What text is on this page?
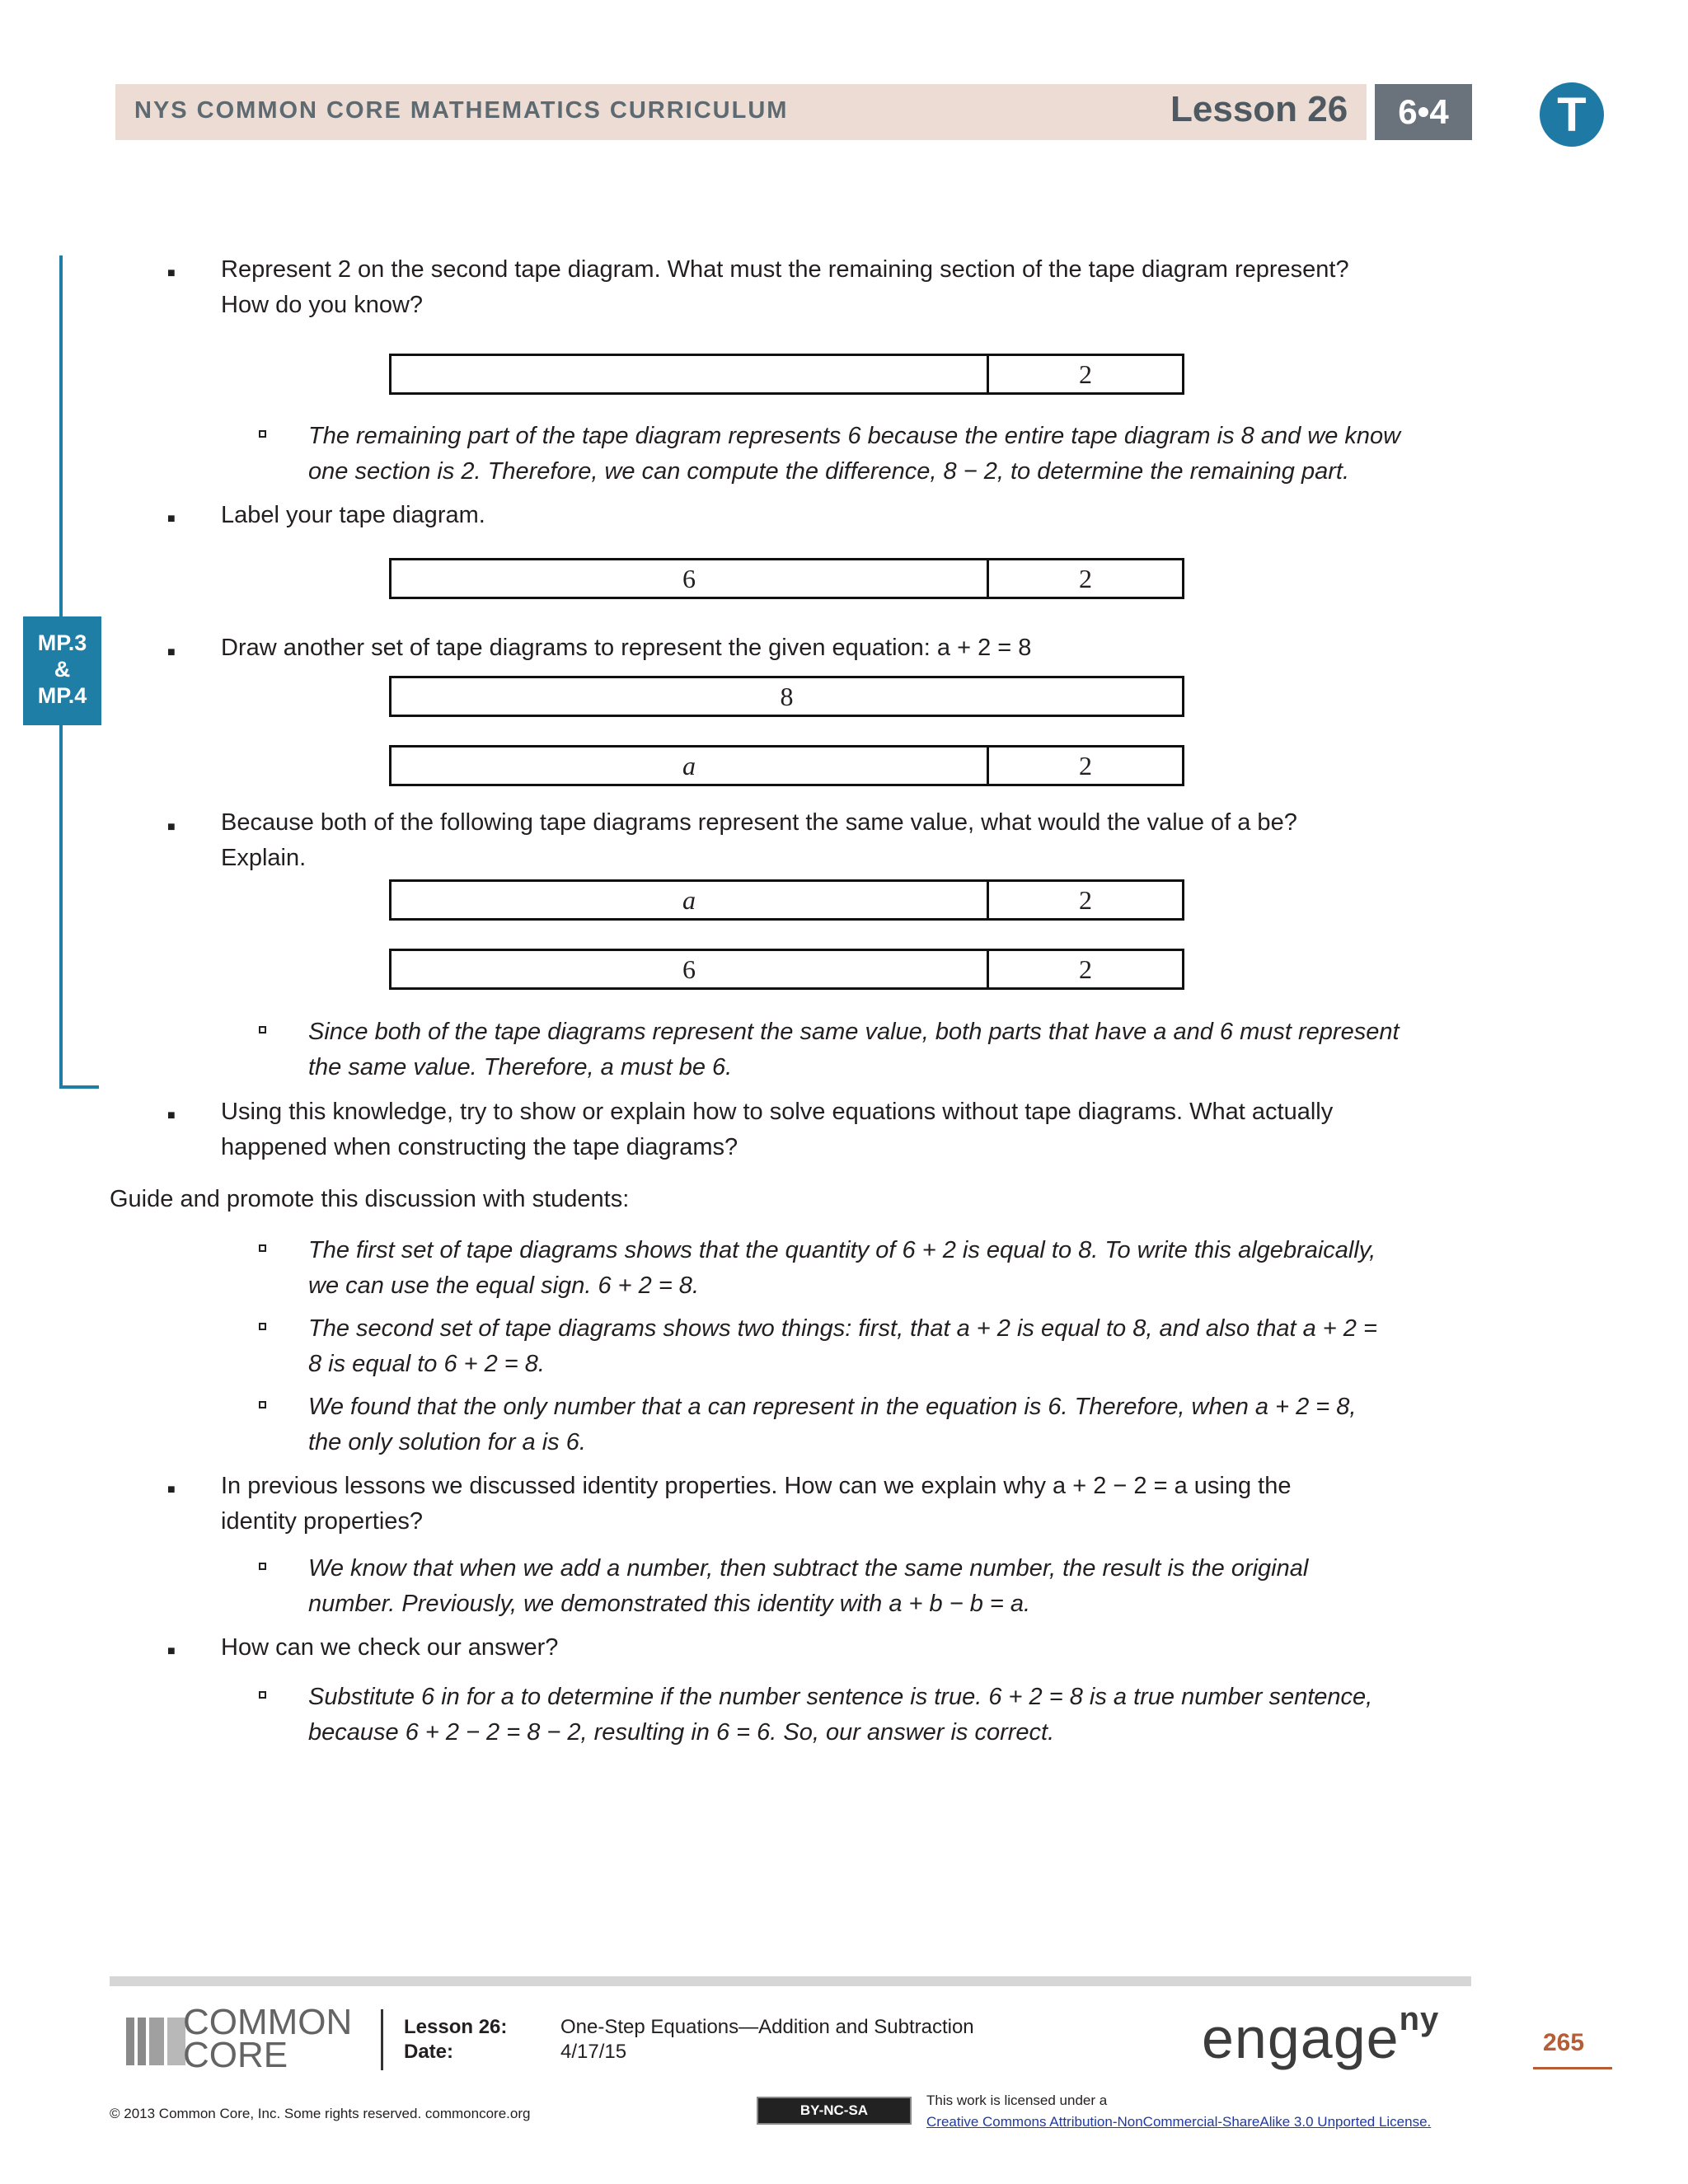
NYS COMMON CORE MATHEMATICS CURRICULUM	Lesson 26	6•4	T
MP.3
&
MP.4
■ Represent 2 on the second tape diagram. What must the remaining section of the tape diagram represent?
How do you know?
2
The remaining part of the tape diagram represents 6 because the entire tape diagram is 8 and we know
one section is 2. Therefore, we can compute the difference, 8 − 2, to determine the remaining part.
■ Label your tape diagram.
6	2
■ Draw another set of tape diagrams to represent the given equation: a + 2 = 8
8
a	2
■ Because both of the following tape diagrams represent the same value, what would the value of a be?
Explain.
a	2
6	2
Since both of the tape diagrams represent the same value, both parts that have a and 6 must represent
the same value. Therefore, a must be 6.
■ Using this knowledge, try to show or explain how to solve equations without tape diagrams. What actually
happened when constructing the tape diagrams?
Guide and promote this discussion with students:
The first set of tape diagrams shows that the quantity of 6 + 2 is equal to 8. To write this algebraically,
we can use the equal sign. 6 + 2 = 8.
The second set of tape diagrams shows two things: first, that a + 2 is equal to 8, and also that a + 2 =
8 is equal to 6 + 2 = 8.
We found that the only number that a can represent in the equation is 6. Therefore, when a + 2 = 8,
the only solution for a is 6.
■ In previous lessons we discussed identity properties. How can we explain why a + 2 − 2 = a using the
identity properties?
We know that when we add a number, then subtract the same number, the result is the original
number. Previously, we demonstrated this identity with a + b − b = a.
■ How can we check our answer?
Substitute 6 in for a to determine if the number sentence is true. 6 + 2 = 8 is a true number sentence,
because 6 + 2 − 2 = 8 − 2, resulting in 6 = 6. So, our answer is correct.
COMMON
CORE
Lesson 26:
Date:
One-Step Equations—Addition and Subtraction
4/17/15	engage$^{ny}$
265
© 2013 Common Core, Inc. Some rights reserved. commoncore.org	BY-NC-SA
This work is licensed under a
Creative Commons Attribution-NonCommercial-ShareAlike 3.0 Unported License.
